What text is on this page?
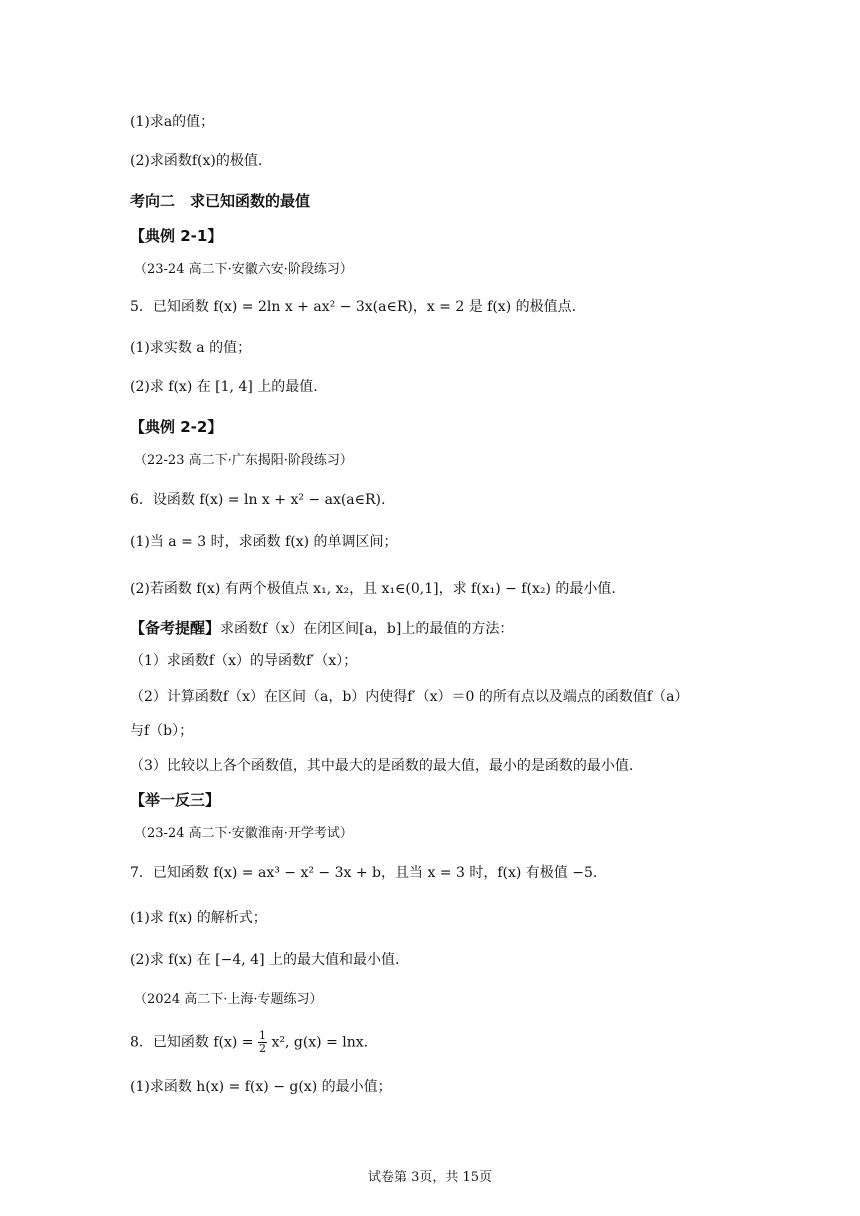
(1)求a的值；
(2)求函数f(x)的极值.
考向二　求已知函数的最值
【典例 2-1】
（23-24 高二下·安徽六安·阶段练习）
5．已知函数 f(x) = 2ln x + ax² − 3x(a∈R)，x = 2 是 f(x) 的极值点.
(1)求实数 a 的值；
(2)求 f(x) 在 [1, 4] 上的最值.
【典例 2-2】
（22-23 高二下·广东揭阳·阶段练习）
6．设函数 f(x) = ln x + x² − ax(a∈R).
(1)当 a = 3 时，求函数 f(x) 的单调区间；
(2)若函数 f(x) 有两个极值点 x₁, x₂，且 x₁∈(0,1]，求 f(x₁) − f(x₂) 的最小值.
【备考提醒】求函数f（x）在闭区间[a，b]上的最值的方法：
（1）求函数f（x）的导函数f′（x）；
（2）计算函数f（x）在区间（a，b）内使得f′（x）＝0 的所有点以及端点的函数值f（a）
与f（b）；
（3）比较以上各个函数值，其中最大的是函数的最大值，最小的是函数的最小值.
【举一反三】
（23-24 高二下·安徽淮南·开学考试）
7．已知函数 f(x) = ax³ − x² − 3x + b，且当 x = 3 时，f(x) 有极值 −5.
(1)求 f(x) 的解析式；
(2)求 f(x) 在 [−4, 4] 上的最大值和最小值.
（2024 高二下·上海·专题练习）
8．已知函数 $f(x) = \frac{1}{2} x^2$, g(x) = lnx.
(1)求函数 h(x) = f(x) − g(x) 的最小值；
试卷第 3页，共 15页
